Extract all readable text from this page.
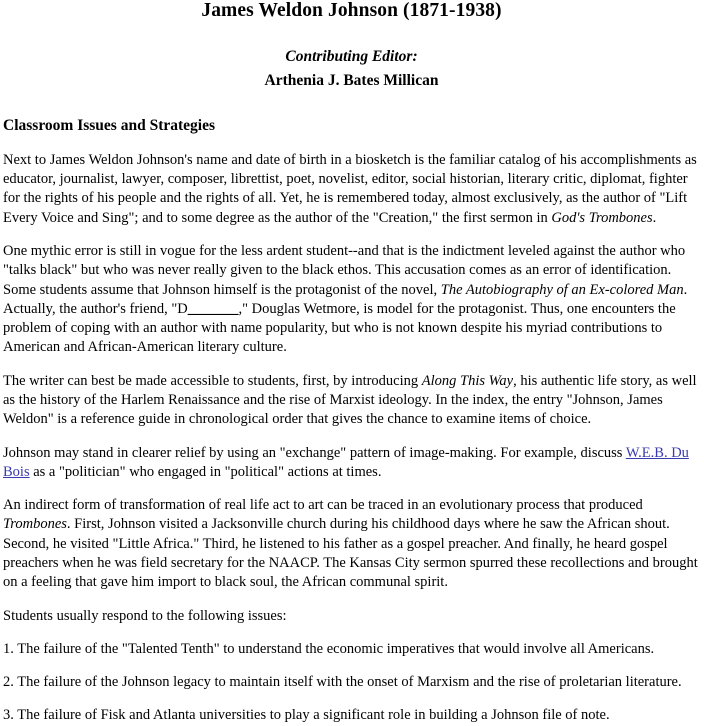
James Weldon Johnson (1871-1938)
Contributing Editor:
Arthenia J. Bates Millican
Classroom Issues and Strategies

Next to James Weldon Johnson's name and date of birth in a biosketch is the familiar catalog of his accomplishments as educator, journalist, lawyer, composer, librettist, poet, novelist, editor, social historian, literary critic, diplomat, fighter for the rights of his people and the rights of all. Yet, he is remembered today, almost exclusively, as the author of "Lift Every Voice and Sing"; and to some degree as the author of the "Creation," the first sermon in God's Trombones.

One mythic error is still in vogue for the less ardent student--and that is the indictment leveled against the author who "talks black" but who was never really given to the black ethos. This accusation comes as an error of identification. Some students assume that Johnson himself is the protagonist of the novel, The Autobiography of an Ex-colored Man. Actually, the author's friend, "D_______," Douglas Wetmore, is model for the protagonist. Thus, one encounters the problem of coping with an author with name popularity, but who is not known despite his myriad contributions to American and African-American literary culture.

The writer can best be made accessible to students, first, by introducing Along This Way, his authentic life story, as well as the history of the Harlem Renaissance and the rise of Marxist ideology. In the index, the entry "Johnson, James Weldon" is a reference guide in chronological order that gives the chance to examine items of choice.

Johnson may stand in clearer relief by using an "exchange" pattern of image-making. For example, discuss W.E.B. Du Bois as a "politician" who engaged in "political" actions at times.

An indirect form of transformation of real life act to art can be traced in an evolutionary process that produced Trombones. First, Johnson visited a Jacksonville church during his childhood days where he saw the African shout. Second, he visited "Little Africa." Third, he listened to his father as a gospel preacher. And finally, he heard gospel preachers when he was field secretary for the NAACP. The Kansas City sermon spurred these recollections and brought on a feeling that gave him import to black soul, the African communal spirit.

Students usually respond to the following issues:

1. The failure of the "Talented Tenth" to understand the economic imperatives that would involve all Americans.

2. The failure of the Johnson legacy to maintain itself with the onset of Marxism and the rise of proletarian literature.

3. The failure of Fisk and Atlanta universities to play a significant role in building a Johnson file of note.
